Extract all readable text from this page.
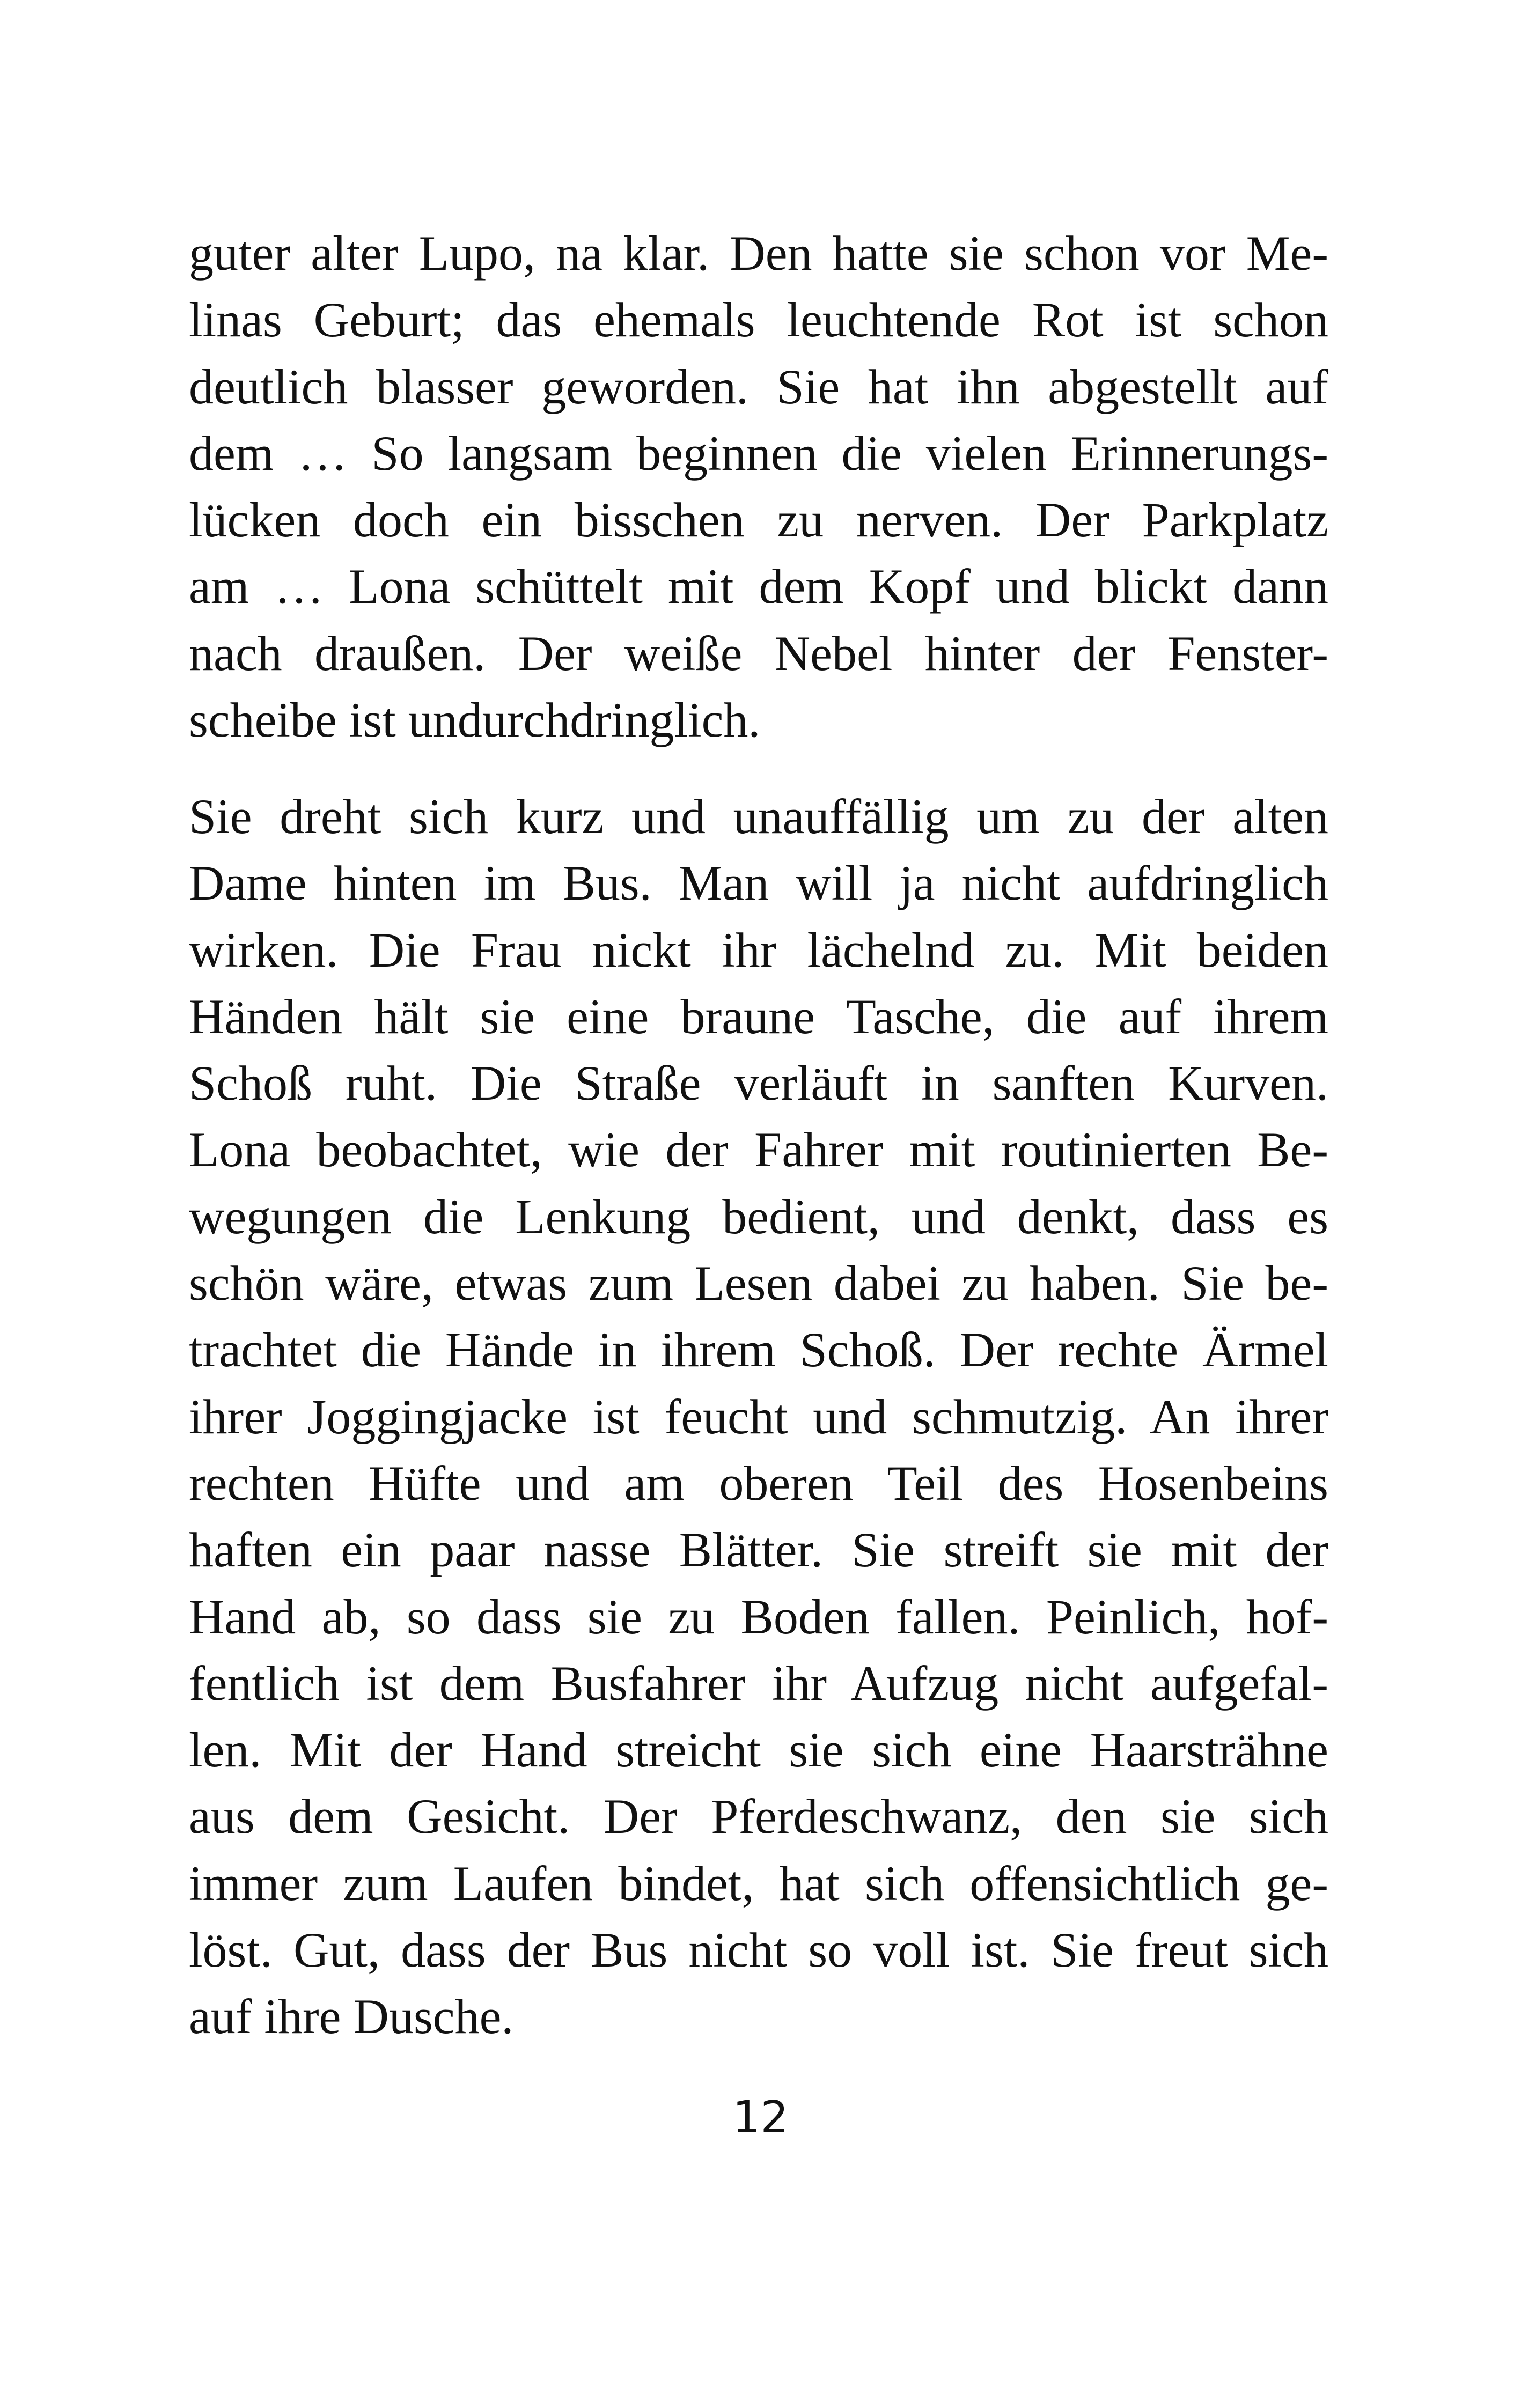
guter alter Lupo, na klar. Den hatte sie schon vor Me-
linas Geburt; das ehemals leuchtende Rot ist schon
deutlich blasser geworden. Sie hat ihn abgestellt auf
dem … So langsam beginnen die vielen Erinnerungs-
lücken doch ein bisschen zu nerven. Der Parkplatz
am … Lona schüttelt mit dem Kopf und blickt dann
nach draußen. Der weiße Nebel hinter der Fenster-
scheibe ist undurchdringlich.
Sie dreht sich kurz und unauffällig um zu der alten
Dame hinten im Bus. Man will ja nicht aufdringlich
wirken. Die Frau nickt ihr lächelnd zu. Mit beiden
Händen hält sie eine braune Tasche, die auf ihrem
Schoß ruht. Die Straße verläuft in sanften Kurven.
Lona beobachtet, wie der Fahrer mit routinierten Be-
wegungen die Lenkung bedient, und denkt, dass es
schön wäre, etwas zum Lesen dabei zu haben. Sie be-
trachtet die Hände in ihrem Schoß. Der rechte Ärmel
ihrer Joggingjacke ist feucht und schmutzig. An ihrer
rechten Hüfte und am oberen Teil des Hosenbeins
haften ein paar nasse Blätter. Sie streift sie mit der
Hand ab, so dass sie zu Boden fallen. Peinlich, hof-
fentlich ist dem Busfahrer ihr Aufzug nicht aufgefal-
len. Mit der Hand streicht sie sich eine Haarsträhne
aus dem Gesicht. Der Pferdeschwanz, den sie sich
immer zum Laufen bindet, hat sich offensichtlich ge-
löst. Gut, dass der Bus nicht so voll ist. Sie freut sich
auf ihre Dusche.
12
